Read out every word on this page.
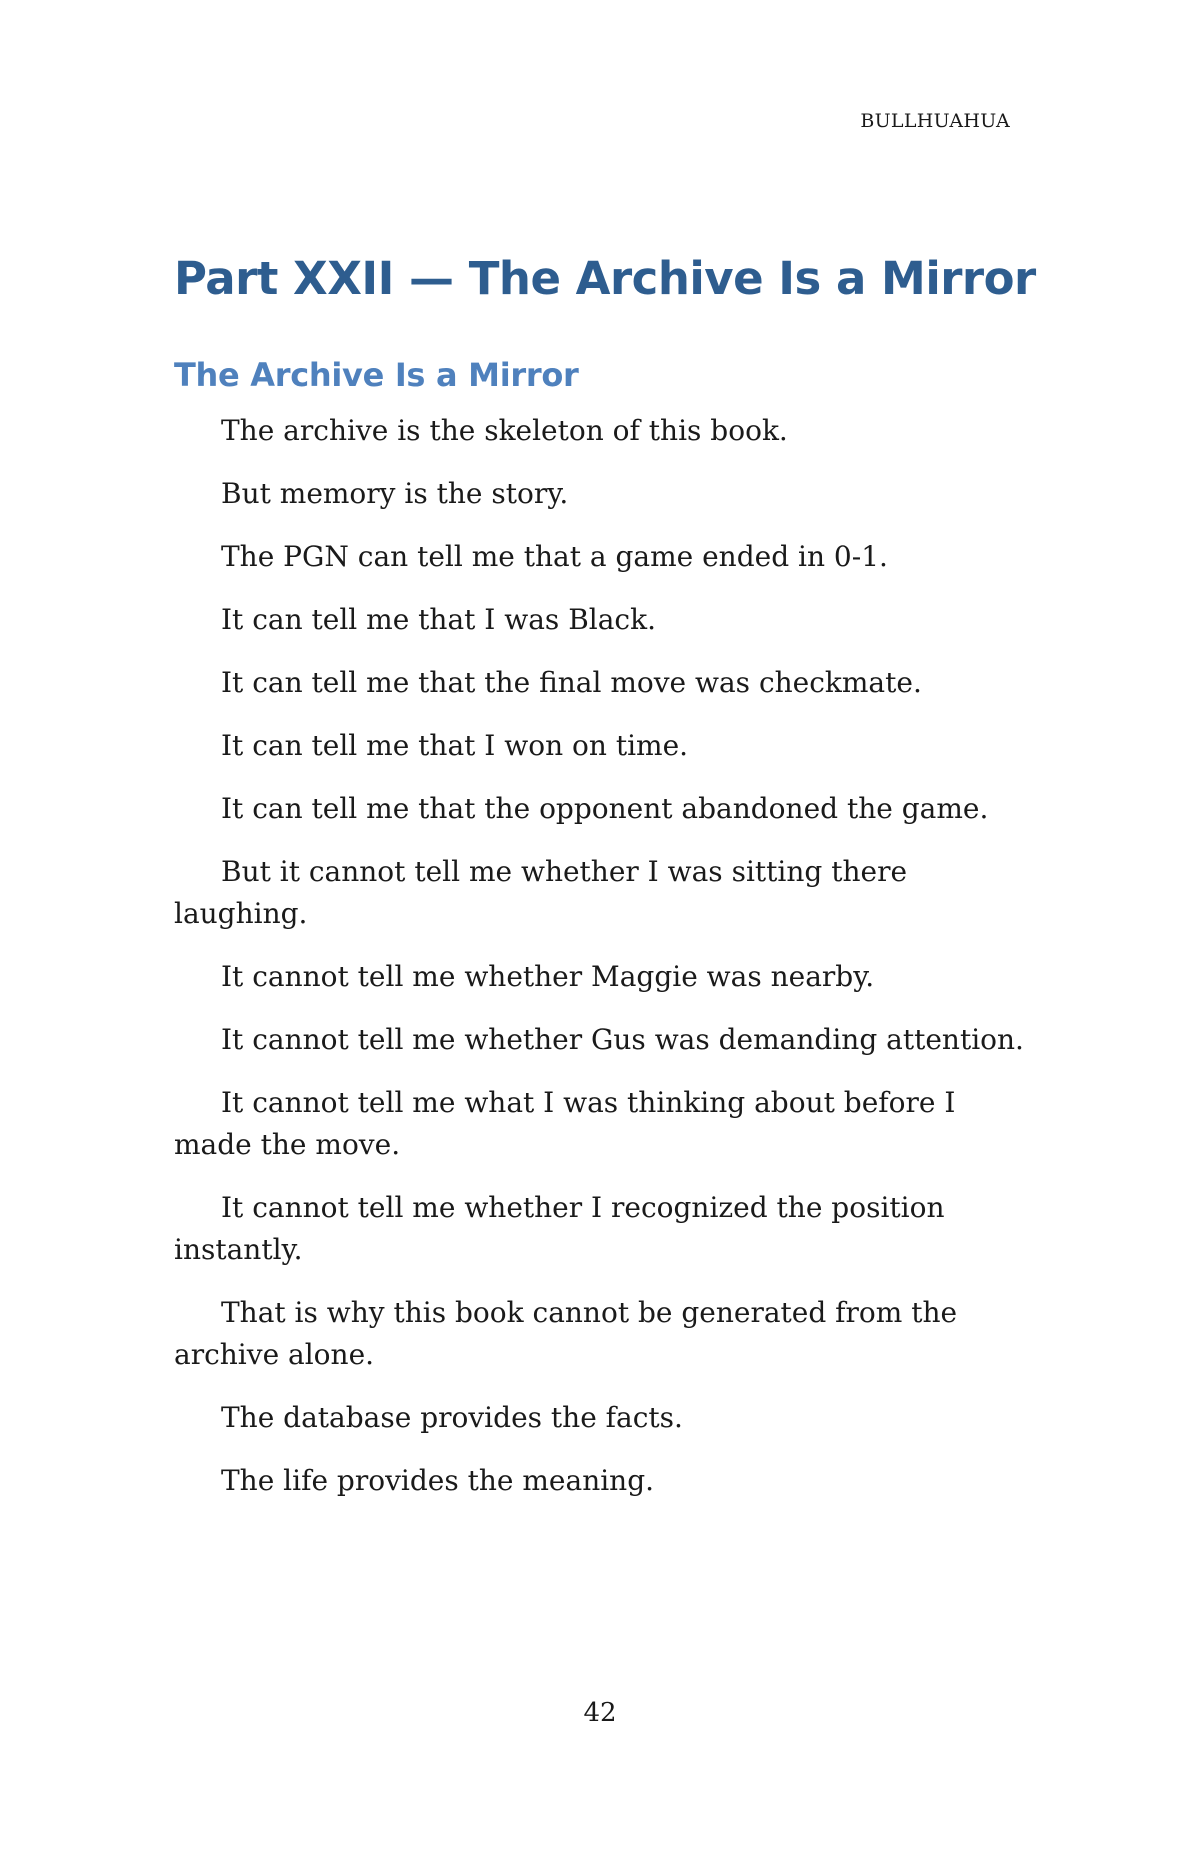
BULLHUAHUA
Part XXII — The Archive Is a Mirror
The Archive Is a Mirror

The archive is the skeleton of this book.

But memory is the story.

The PGN can tell me that a game ended in 0-1.

It can tell me that I was Black.

It can tell me that the final move was checkmate.

It can tell me that I won on time.

It can tell me that the opponent abandoned the game.

But it cannot tell me whether I was sitting there laughing.

It cannot tell me whether Maggie was nearby.

It cannot tell me whether Gus was demanding attention.

It cannot tell me what I was thinking about before I made the move.

It cannot tell me whether I recognized the position instantly.

That is why this book cannot be generated from the archive alone.

The database provides the facts.

The life provides the meaning.

42
